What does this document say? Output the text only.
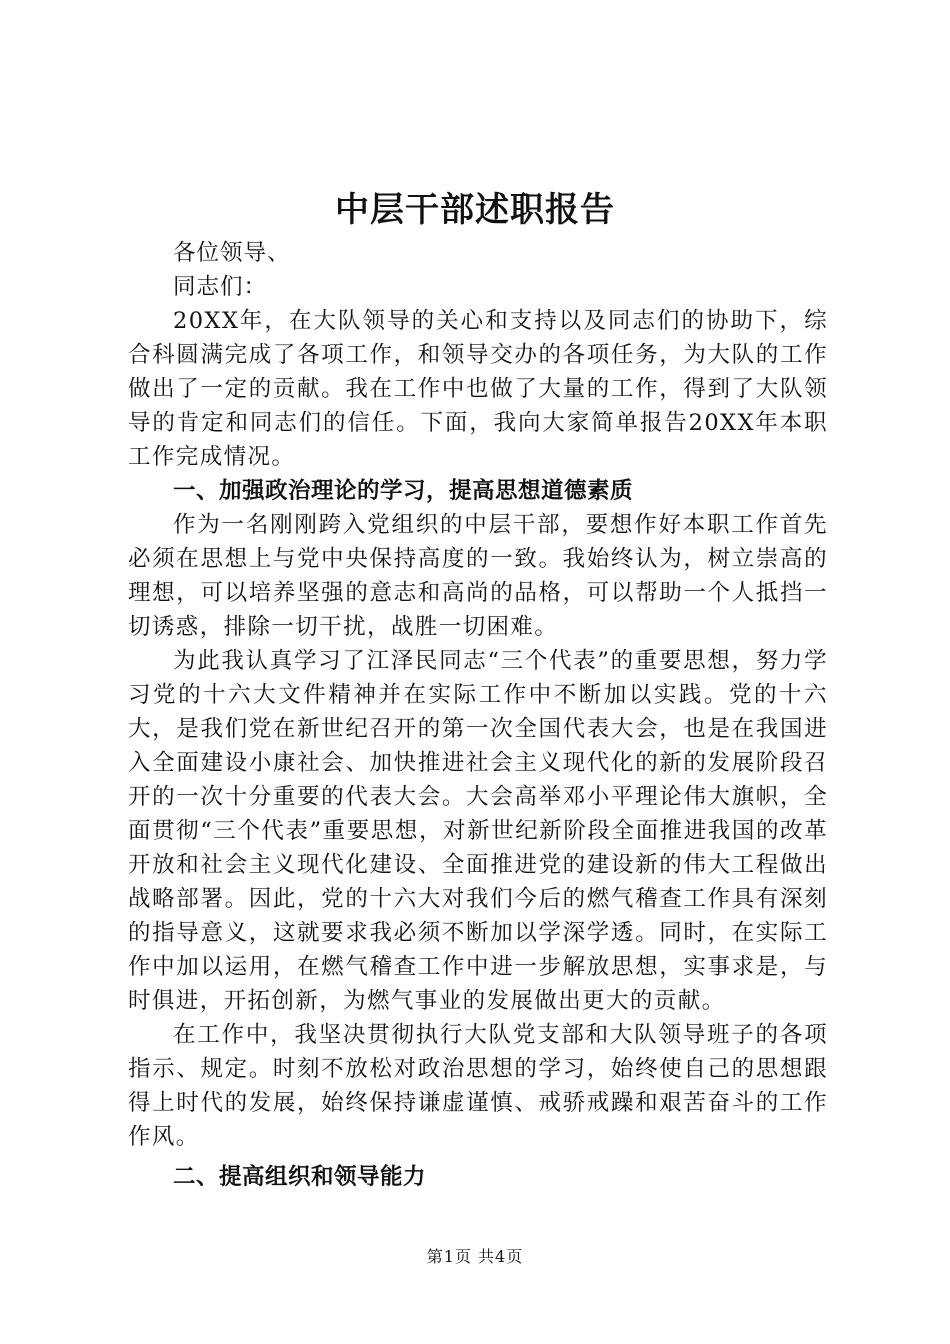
中层干部述职报告

各位领导、

同志们：

20XX年，在大队领导的关心和支持以及同志们的协助下，综合科圆满完成了各项工作，和领导交办的各项任务，为大队的工作做出了一定的贡献。我在工作中也做了大量的工作，得到了大队领导的肯定和同志们的信任。下面，我向大家简单报告20XX年本职工作完成情况。

一、加强政治理论的学习，提高思想道德素质

作为一名刚刚跨入党组织的中层干部，要想作好本职工作首先必须在思想上与党中央保持高度的一致。我始终认为，树立崇高的理想，可以培养坚强的意志和高尚的品格，可以帮助一个人抵挡一切诱惑，排除一切干扰，战胜一切困难。

为此我认真学习了江泽民同志“三个代表”的重要思想，努力学习党的十六大文件精神并在实际工作中不断加以实践。党的十六大，是我们党在新世纪召开的第一次全国代表大会，也是在我国进入全面建设小康社会、加快推进社会主义现代化的新的发展阶段召开的一次十分重要的代表大会。大会高举邓小平理论伟大旗帜，全面贯彻“三个代表”重要思想，对新世纪新阶段全面推进我国的改革开放和社会主义现代化建设、全面推进党的建设新的伟大工程做出战略部署。因此，党的十六大对我们今后的燃气稽查工作具有深刻的指导意义，这就要求我必须不断加以学深学透。同时，在实际工作中加以运用，在燃气稽查工作中进一步解放思想，实事求是，与时俱进，开拓创新，为燃气事业的发展做出更大的贡献。

在工作中，我坚决贯彻执行大队党支部和大队领导班子的各项指示、规定。时刻不放松对政治思想的学习，始终使自己的思想跟得上时代的发展，始终保持谦虚谨慎、戒骄戒躁和艰苦奋斗的工作作风。

二、提高组织和领导能力
第1页 共4页
